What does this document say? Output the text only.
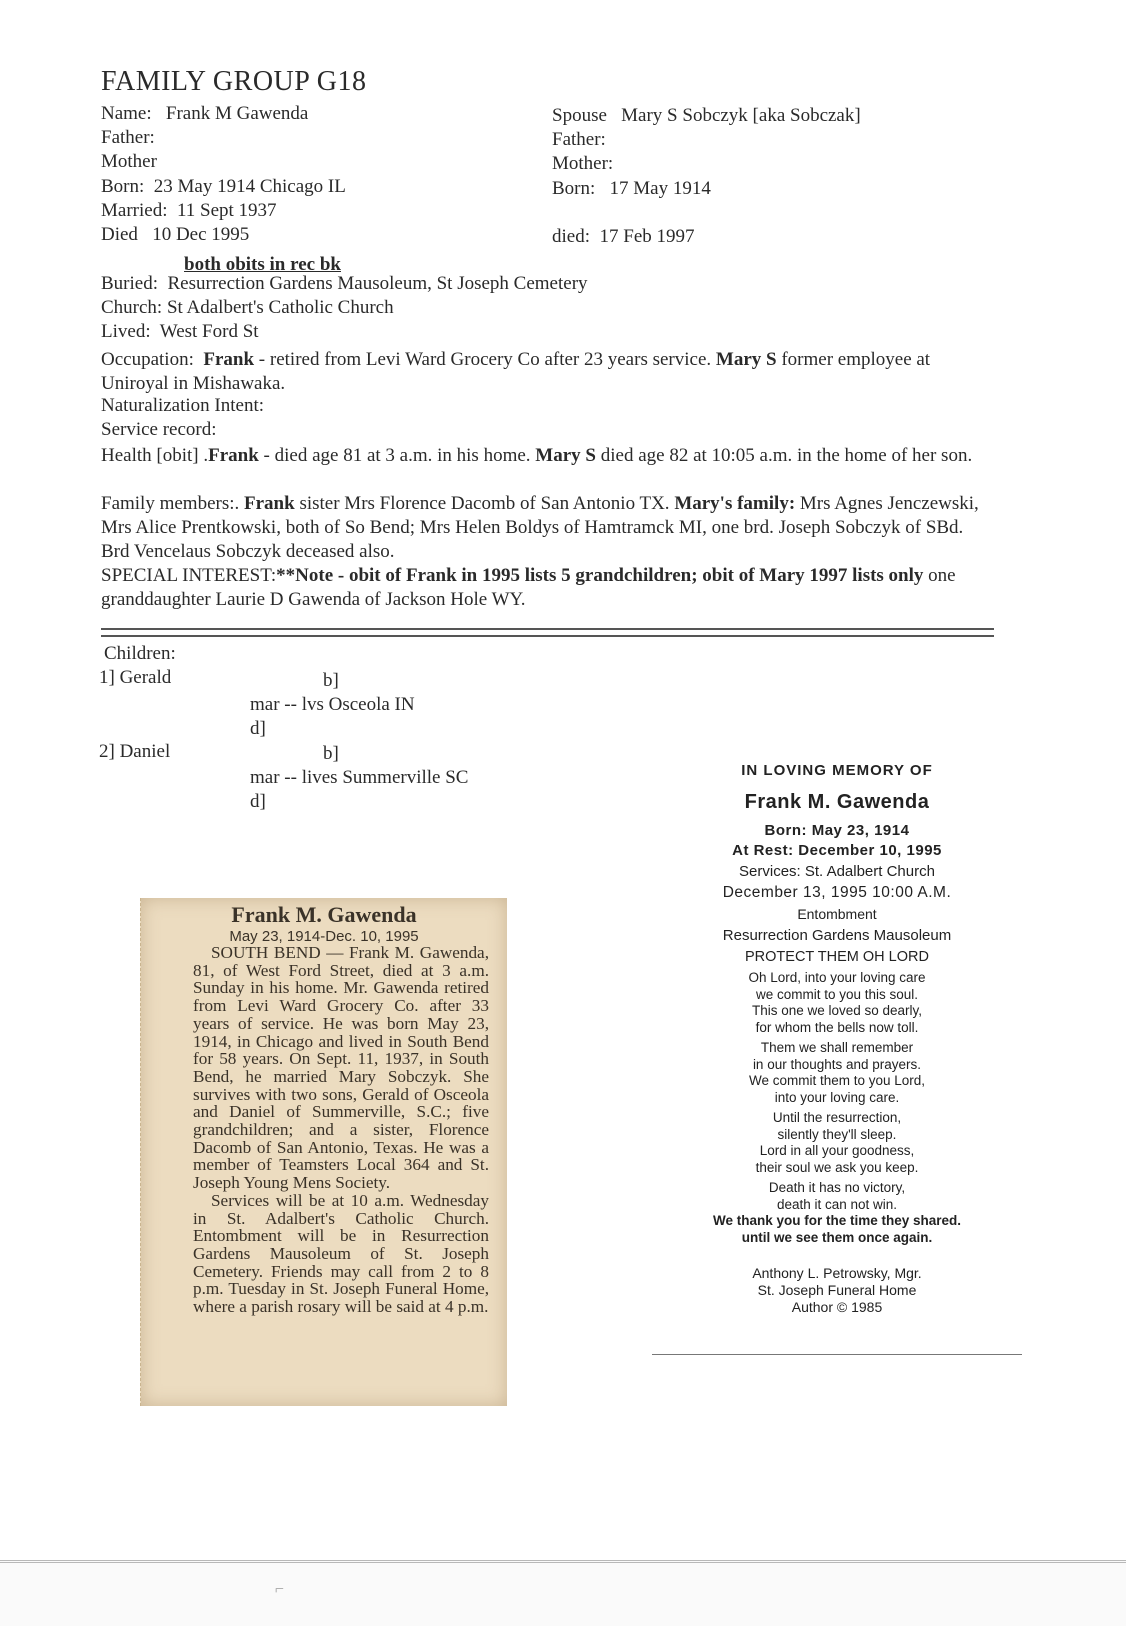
FAMILY GROUP G18
Name: Frank M Gawenda
Father:
Mother
Born: 23 May 1914 Chicago IL
Married: 11 Sept 1937
Died 10 Dec 1995
Spouse Mary S Sobczyk [aka Sobczak]
Father:
Mother:
Born: 17 May 1914
died: 17 Feb 1997
both obits in rec bk
Buried: Resurrection Gardens Mausoleum, St Joseph Cemetery
Church: St Adalbert's Catholic Church
Lived: West Ford St
Occupation: Frank - retired from Levi Ward Grocery Co after 23 years service. Mary S former employee at Uniroyal in Mishawaka.
Naturalization Intent:
Service record:
Health [obit] .Frank - died age 81 at 3 a.m. in his home. Mary S died age 82 at 10:05 a.m. in the home of her son.
Family members:. Frank sister Mrs Florence Dacomb of San Antonio TX. Mary's family: Mrs Agnes Jenczewski, Mrs Alice Prentkowski, both of So Bend; Mrs Helen Boldys of Hamtramck MI, one brd. Joseph Sobczyk of SBd. Brd Vencelaus Sobczyk deceased also.
SPECIAL INTEREST:**Note - obit of Frank in 1995 lists 5 grandchildren; obit of Mary 1997 lists only one granddaughter Laurie D Gawenda of Jackson Hole WY.
Children:
1] Gerald	b]
mar -- lvs Osceola IN
d]
2] Daniel	b]
mar -- lives Summerville SC
d]
Frank M. Gawenda
May 23, 1914-Dec. 10, 1995

SOUTH BEND — Frank M. Gawenda, 81, of West Ford Street, died at 3 a.m. Sunday in his home. Mr. Gawenda retired from Levi Ward Grocery Co. after 33 years of service. He was born May 23, 1914, in Chicago and lived in South Bend for 58 years. On Sept. 11, 1937, in South Bend, he married Mary Sobczyk. She survives with two sons, Gerald of Osceola and Daniel of Summerville, S.C.; five grandchildren; and a sister, Florence Dacomb of San Antonio, Texas. He was a member of Teamsters Local 364 and St. Joseph Young Mens Society.

Services will be at 10 a.m. Wednesday in St. Adalbert's Catholic Church. Entombment will be in Resurrection Gardens Mausoleum of St. Joseph Cemetery. Friends may call from 2 to 8 p.m. Tuesday in St. Joseph Funeral Home, where a parish rosary will be said at 4 p.m.

IN LOVING MEMORY OF
Frank M. Gawenda
Born: May 23, 1914
At Rest: December 10, 1995
Services: St. Adalbert Church
December 13, 1995 10:00 A.M.
Entombment
Resurrection Gardens Mausoleum
PROTECT THEM OH LORD
Oh Lord, into your loving care
we commit to you this soul.
This one we loved so dearly,
for whom the bells now toll.
Them we shall remember
in our thoughts and prayers.
We commit them to you Lord,
into your loving care.
Until the resurrection,
silently they'll sleep.
Lord in all your goodness,
their soul we ask you keep.
Death it has no victory,
death it can not win.
We thank you for the time they shared.
until we see them once again.
Anthony L. Petrowsky, Mgr.
St. Joseph Funeral Home
Author © 1985
⌐
